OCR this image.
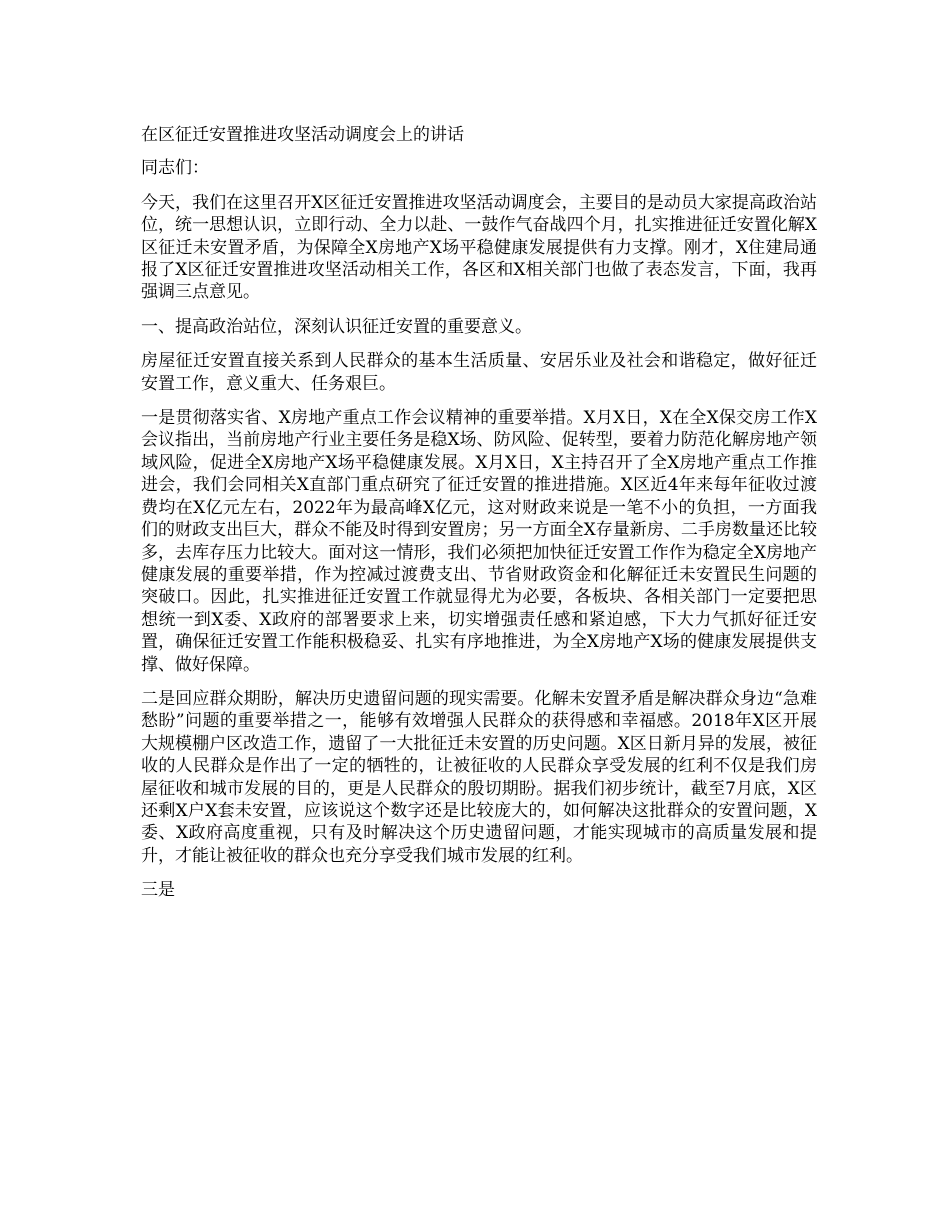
在区征迁安置推进攻坚活动调度会上的讲话

同志们：

今天，我们在这里召开X区征迁安置推进攻坚活动调度会，主要目的是动员大家提高政治站位，统一思想认识，立即行动、全力以赴、一鼓作气奋战四个月，扎实推进征迁安置化解X区征迁未安置矛盾，为保障全X房地产X场平稳健康发展提供有力支撑。刚才，X住建局通报了X区征迁安置推进攻坚活动相关工作，各区和X相关部门也做了表态发言，下面，我再强调三点意见。

一、提高政治站位，深刻认识征迁安置的重要意义。

房屋征迁安置直接关系到人民群众的基本生活质量、安居乐业及社会和谐稳定，做好征迁安置工作，意义重大、任务艰巨。

一是贯彻落实省、X房地产重点工作会议精神的重要举措。X月X日，X在全X保交房工作X会议指出，当前房地产行业主要任务是稳X场、防风险、促转型，要着力防范化解房地产领域风险，促进全X房地产X场平稳健康发展。X月X日，X主持召开了全X房地产重点工作推进会，我们会同相关X直部门重点研究了征迁安置的推进措施。X区近4年来每年征收过渡费均在X亿元左右，2022年为最高峰X亿元，这对财政来说是一笔不小的负担，一方面我们的财政支出巨大，群众不能及时得到安置房；另一方面全X存量新房、二手房数量还比较多，去库存压力比较大。面对这一情形，我们必须把加快征迁安置工作作为稳定全X房地产健康发展的重要举措，作为控减过渡费支出、节省财政资金和化解征迁未安置民生问题的突破口。因此，扎实推进征迁安置工作就显得尤为必要，各板块、各相关部门一定要把思想统一到X委、X政府的部署要求上来，切实增强责任感和紧迫感，下大力气抓好征迁安置，确保征迁安置工作能积极稳妥、扎实有序地推进，为全X房地产X场的健康发展提供支撑、做好保障。

二是回应群众期盼，解决历史遗留问题的现实需要。化解未安置矛盾是解决群众身边“急难愁盼”问题的重要举措之一，能够有效增强人民群众的获得感和幸福感。2018年X区开展大规模棚户区改造工作，遗留了一大批征迁未安置的历史问题。X区日新月异的发展，被征收的人民群众是作出了一定的牺牲的，让被征收的人民群众享受发展的红利不仅是我们房屋征收和城市发展的目的，更是人民群众的殷切期盼。据我们初步统计，截至7月底，X区还剩X户X套未安置，应该说这个数字还是比较庞大的，如何解决这批群众的安置问题，X委、X政府高度重视，只有及时解决这个历史遗留问题，才能实现城市的高质量发展和提升，才能让被征收的群众也充分享受我们城市发展的红利。

三是
